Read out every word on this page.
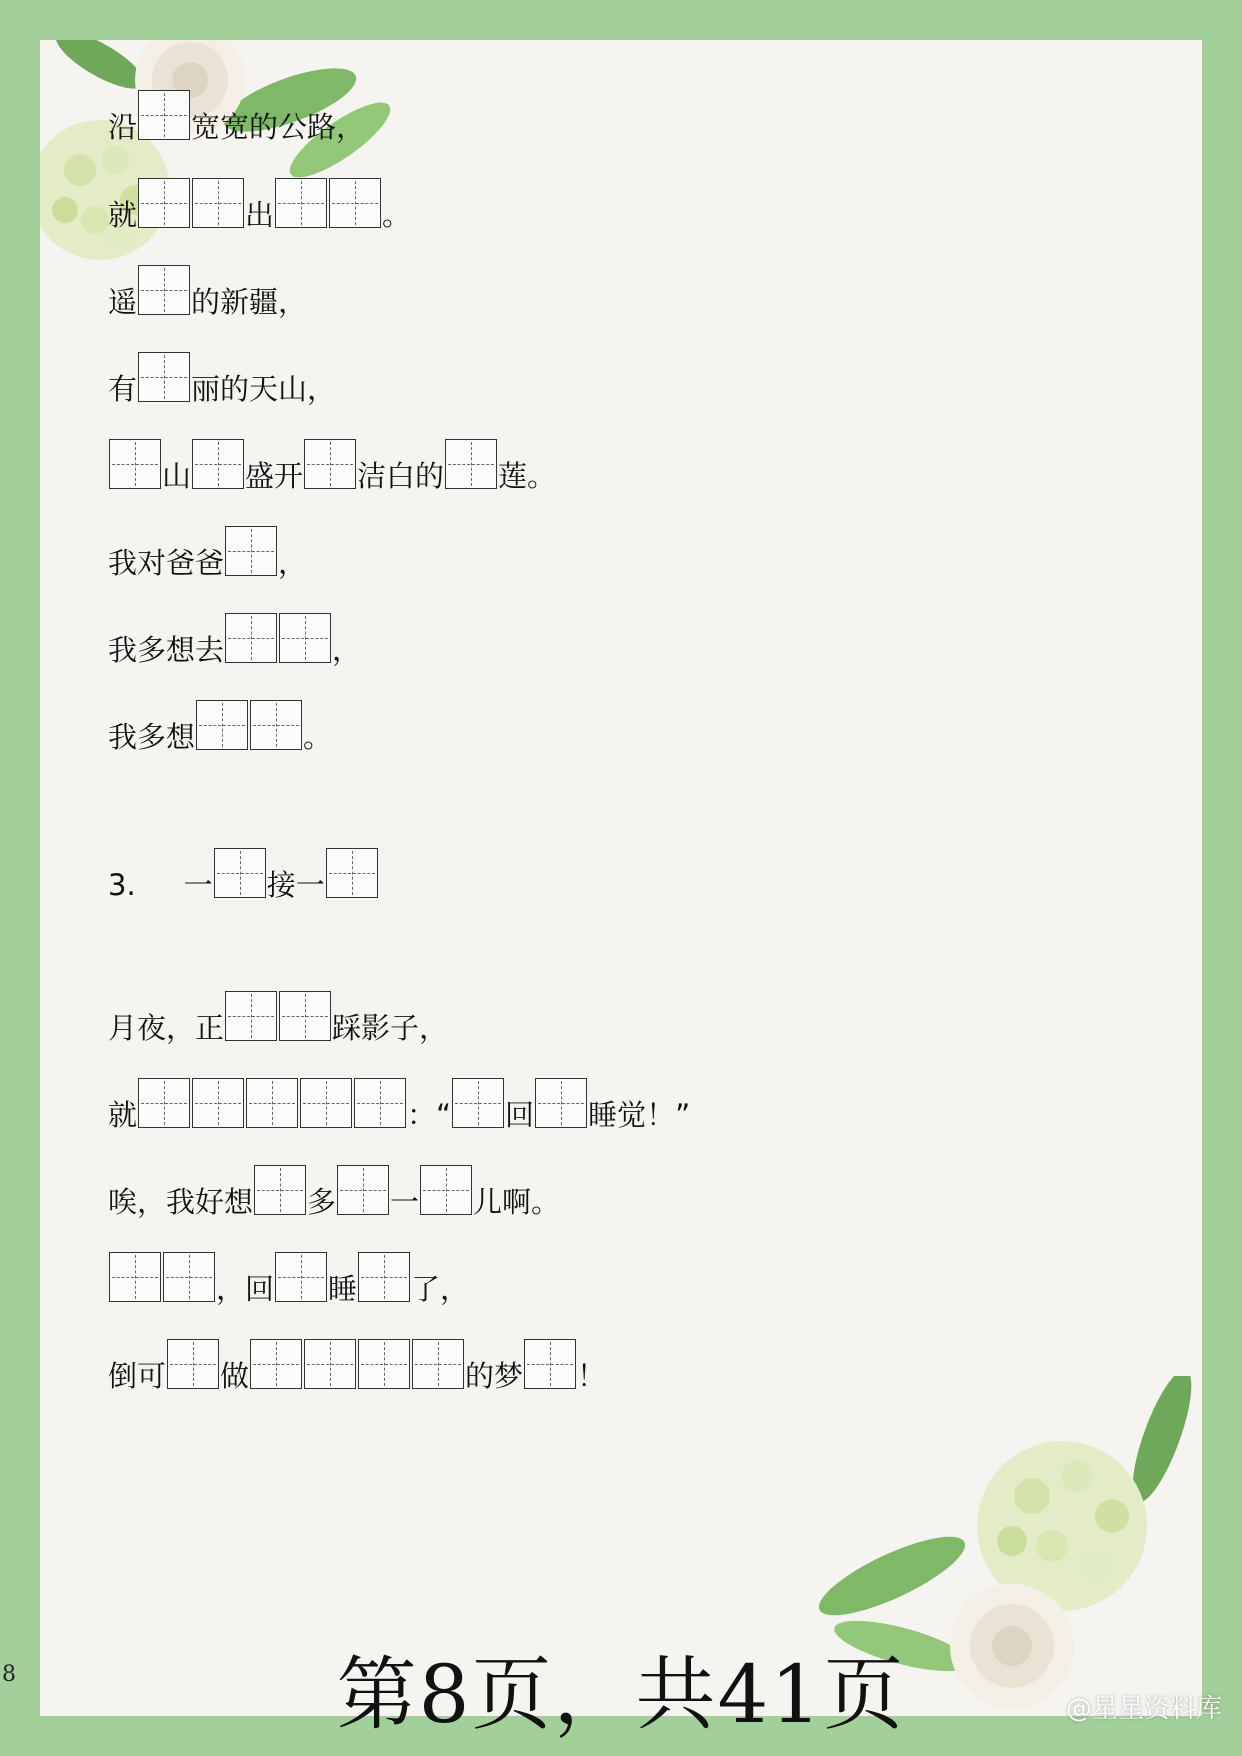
沿 宽宽的公路，
就	出	。
遥 的新疆，
有 丽的天山，
山 盛开 洁白的 莲。
我对爸爸 ，
我多想去	，
我多想	。
3. 一 接一
月夜，正	踩影子，
就	：“ 回 睡觉！”
唉，我好想 多 一 儿啊。
，回 睡 了，
倒可 做	的梦 ！
8	第8页，共41页	@星星资料库
